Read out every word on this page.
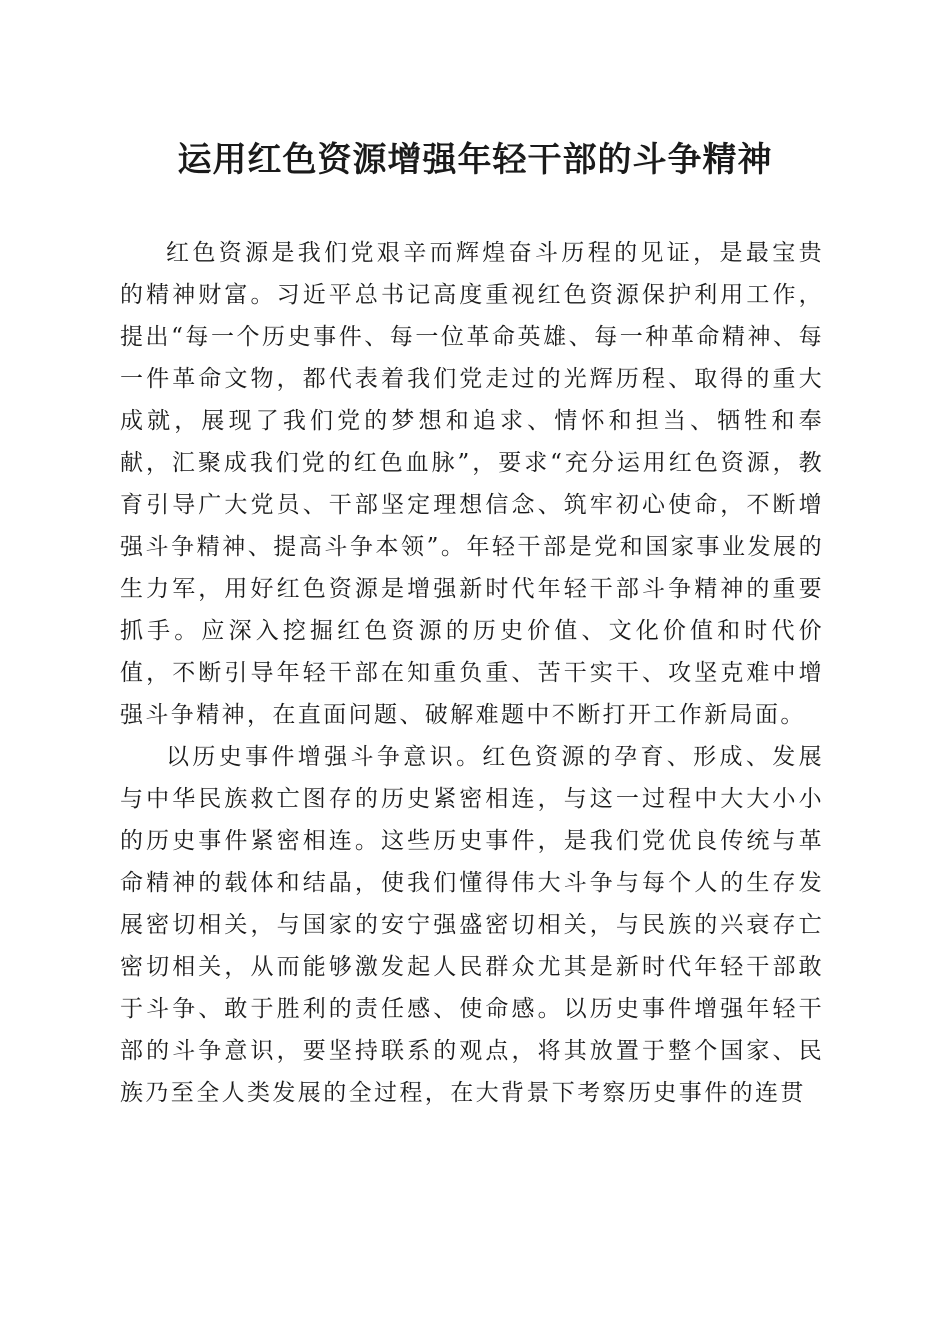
运用红色资源增强年轻干部的斗争精神

红色资源是我们党艰辛而辉煌奋斗历程的见证，是最宝贵的精神财富。习近平总书记高度重视红色资源保护利用工作，提出“每一个历史事件、每一位革命英雄、每一种革命精神、每一件革命文物，都代表着我们党走过的光辉历程、取得的重大成就，展现了我们党的梦想和追求、情怀和担当、牺牲和奉献，汇聚成我们党的红色血脉”，要求“充分运用红色资源，教育引导广大党员、干部坚定理想信念、筑牢初心使命，不断增强斗争精神、提高斗争本领”。年轻干部是党和国家事业发展的生力军，用好红色资源是增强新时代年轻干部斗争精神的重要抓手。应深入挖掘红色资源的历史价值、文化价值和时代价值，不断引导年轻干部在知重负重、苦干实干、攻坚克难中增强斗争精神，在直面问题、破解难题中不断打开工作新局面。

以历史事件增强斗争意识。红色资源的孕育、形成、发展与中华民族救亡图存的历史紧密相连，与这一过程中大大小小的历史事件紧密相连。这些历史事件，是我们党优良传统与革命精神的载体和结晶，使我们懂得伟大斗争与每个人的生存发展密切相关，与国家的安宁强盛密切相关，与民族的兴衰存亡密切相关，从而能够激发起人民群众尤其是新时代年轻干部敢于斗争、敢于胜利的责任感、使命感。以历史事件增强年轻干部的斗争意识，要坚持联系的观点，将其放置于整个国家、民族乃至全人类发展的全过程，在大背景下考察历史事件的连贯
